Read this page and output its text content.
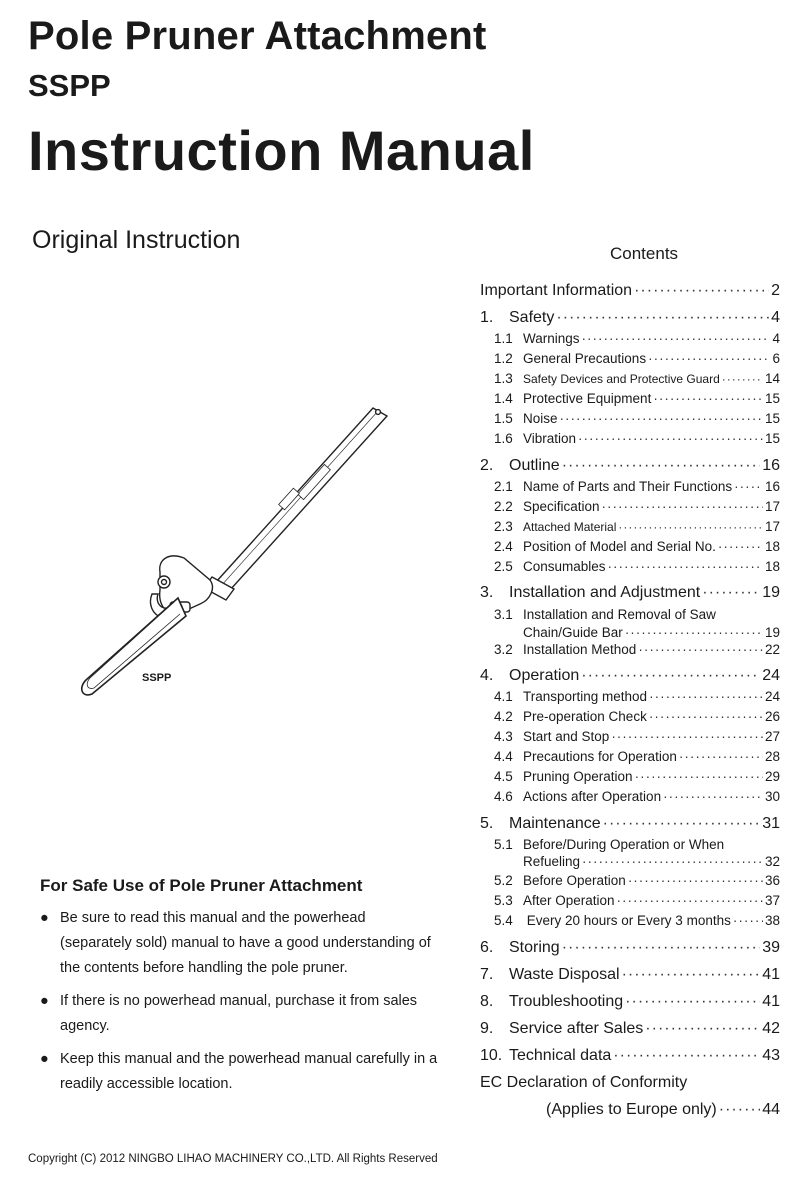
Pole Pruner Attachment
SSPP
Instruction Manual
Original Instruction
SSPP
Contents
Important Information ·····	2
1. Safety ·····	4
1.1 Warnings ·····	4
1.2 General Precautions ·····	6
1.3 Safety Devices and Protective Guard ·····	14
1.4 Protective Equipment ·····	15
1.5 Noise ·····	15
1.6 Vibration ·····	15
2. Outline ·····	16
2.1 Name of Parts and Their Functions ····· 16
2.2 Specification ·····	17
2.3 Attached Material ·····	17
2.4 Position of Model and Serial No. ·····	18
2.5 Consumables ·····	18
3. Installation and Adjustment ·····	19
3.1 Installation and Removal of Saw
Chain/Guide Bar ·····	19
3.2 Installation Method ·····	22
4. Operation ·····	24
4.1 Transporting method ·····	24
4.2 Pre-operation Check ·····	26
4.3 Start and Stop ·····	27
4.4 Precautions for Operation ·····	28
4.5 Pruning Operation ·····	29
4.6 Actions after Operation ·····	30
5. Maintenance ·····	31
5.1 Before/During Operation or When
Refueling ·····	32
5.2 Before Operation ·····	36
5.3 After Operation ·····	37
5.4 Every 20 hours or Every 3 months ·····	38
6. Storing ·····	39
7. Waste Disposal ·····	41
8. Troubleshooting ·····	41
9. Service after Sales ·····	42
10. Technical data ·····	43
EC Declaration of Conformity
(Applies to Europe only) ·····	44
For Safe Use of Pole Pruner Attachment
● Be sure to read this manual and the powerhead (separately sold) manual to have a good understanding of the contents before handling the pole pruner.
● If there is no powerhead manual, purchase it from sales agency.
● Keep this manual and the powerhead manual carefully in a readily accessible location.
Copyright (C) 2012 NINGBO LIHAO MACHINERY CO.,LTD. All Rights Reserved
